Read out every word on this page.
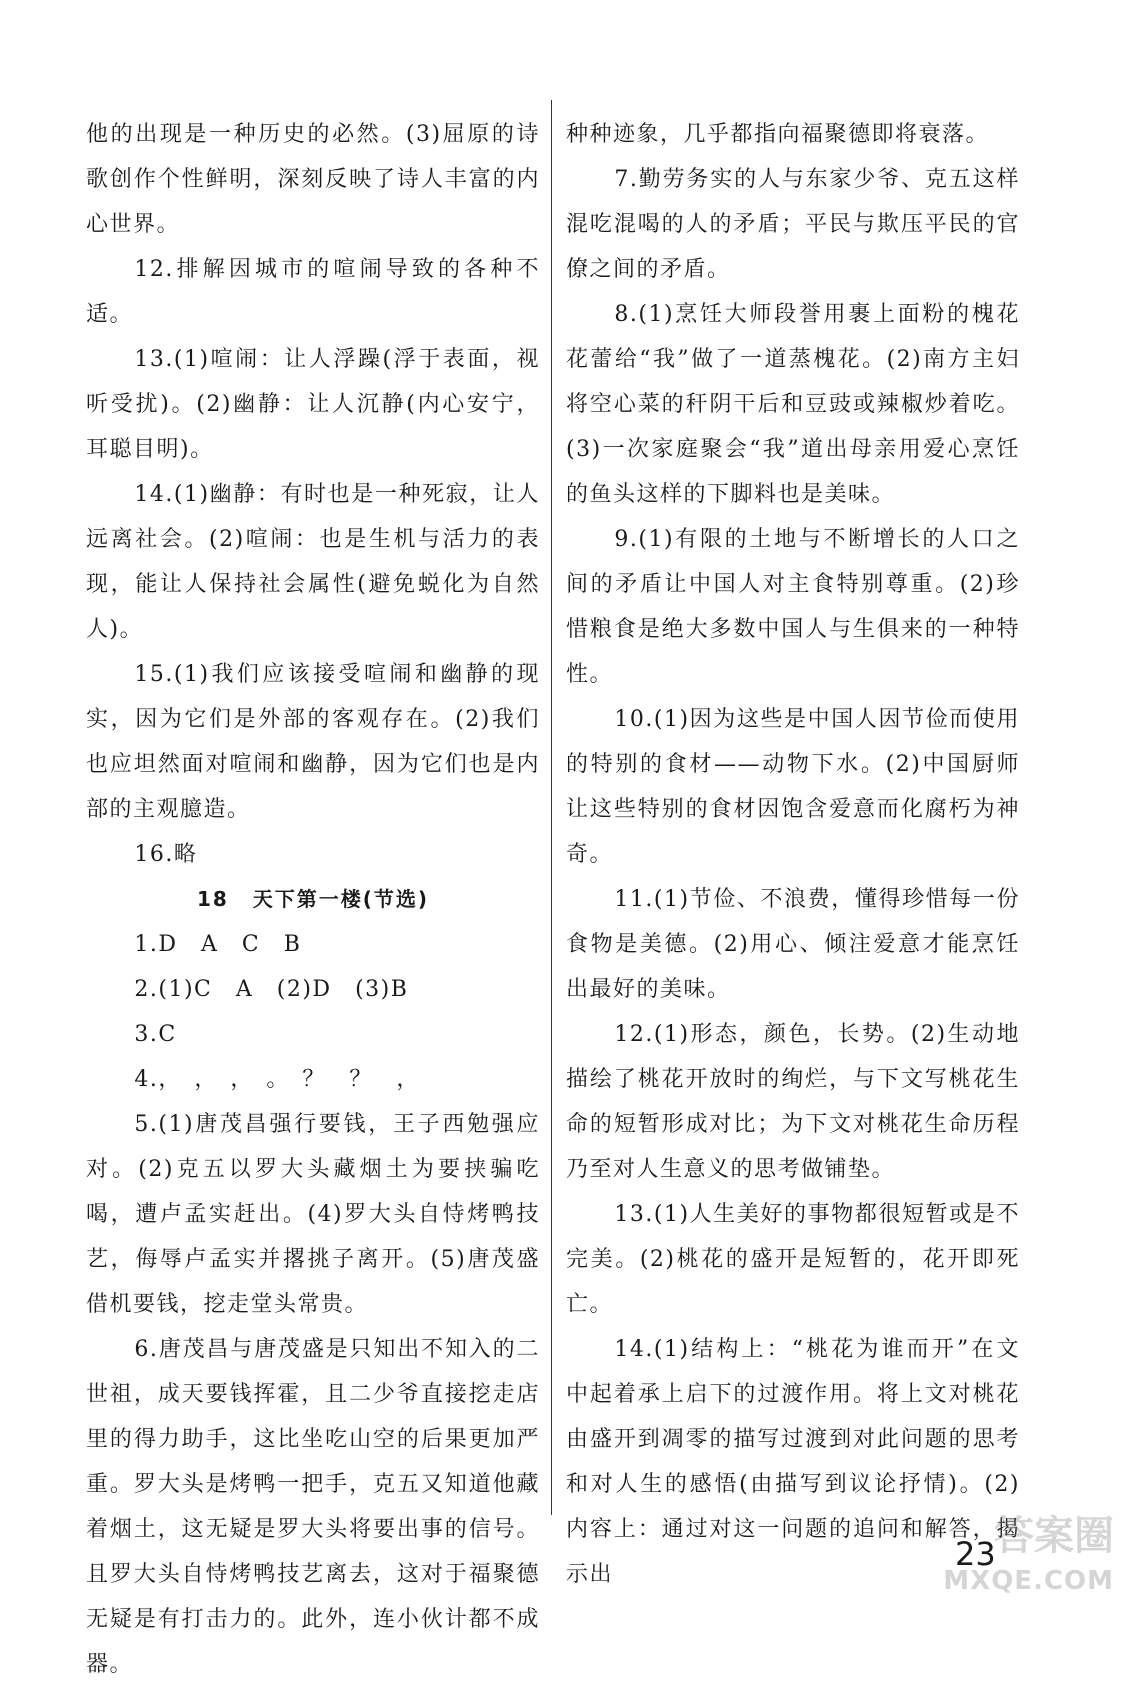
他的出现是一种历史的必然。(3)屈原的诗歌创作个性鲜明，深刻反映了诗人丰富的内心世界。

12.排解因城市的喧闹导致的各种不适。

13.(1)喧闹：让人浮躁(浮于表面，视听受扰)。(2)幽静：让人沉静(内心安宁，耳聪目明)。

14.(1)幽静：有时也是一种死寂，让人远离社会。(2)喧闹：也是生机与活力的表现，能让人保持社会属性(避免蜕化为自然人)。

15.(1)我们应该接受喧闹和幽静的现实，因为它们是外部的客观存在。(2)我们也应坦然面对喧闹和幽静，因为它们也是内部的主观臆造。

16.略

18 天下第一楼(节选)

1.D　A　C　B

2.(1)C　A　(2)D　(3)B

3.C

4.，　，　，　。　？　？　，

5.(1)唐茂昌强行要钱，王子西勉强应对。(2)克五以罗大头藏烟土为要挟骗吃喝，遭卢孟实赶出。(4)罗大头自恃烤鸭技艺，侮辱卢孟实并撂挑子离开。(5)唐茂盛借机要钱，挖走堂头常贵。

6.唐茂昌与唐茂盛是只知出不知入的二世祖，成天要钱挥霍，且二少爷直接挖走店里的得力助手，这比坐吃山空的后果更加严重。罗大头是烤鸭一把手，克五又知道他藏着烟土，这无疑是罗大头将要出事的信号。且罗大头自恃烤鸭技艺离去，这对于福聚德无疑是有打击力的。此外，连小伙计都不成器。

种种迹象，几乎都指向福聚德即将衰落。

7.勤劳务实的人与东家少爷、克五这样混吃混喝的人的矛盾；平民与欺压平民的官僚之间的矛盾。

8.(1)烹饪大师段誉用裹上面粉的槐花花蕾给“我”做了一道蒸槐花。(2)南方主妇将空心菜的秆阴干后和豆豉或辣椒炒着吃。(3)一次家庭聚会“我”道出母亲用爱心烹饪的鱼头这样的下脚料也是美味。

9.(1)有限的土地与不断增长的人口之间的矛盾让中国人对主食特别尊重。(2)珍惜粮食是绝大多数中国人与生俱来的一种特性。

10.(1)因为这些是中国人因节俭而使用的特别的食材——动物下水。(2)中国厨师让这些特别的食材因饱含爱意而化腐朽为神奇。

11.(1)节俭、不浪费，懂得珍惜每一份食物是美德。(2)用心、倾注爱意才能烹饪出最好的美味。

12.(1)形态，颜色，长势。(2)生动地描绘了桃花开放时的绚烂，与下文写桃花生命的短暂形成对比；为下文对桃花生命历程乃至对人生意义的思考做铺垫。

13.(1)人生美好的事物都很短暂或是不完美。(2)桃花的盛开是短暂的，花开即死亡。

14.(1)结构上：“桃花为谁而开”在文中起着承上启下的过渡作用。将上文对桃花由盛开到凋零的描写过渡到对此问题的思考和对人生的感悟(由描写到议论抒情)。(2)内容上：通过对这一问题的追问和解答，揭示出

23
答案圈
MXQE.COM
